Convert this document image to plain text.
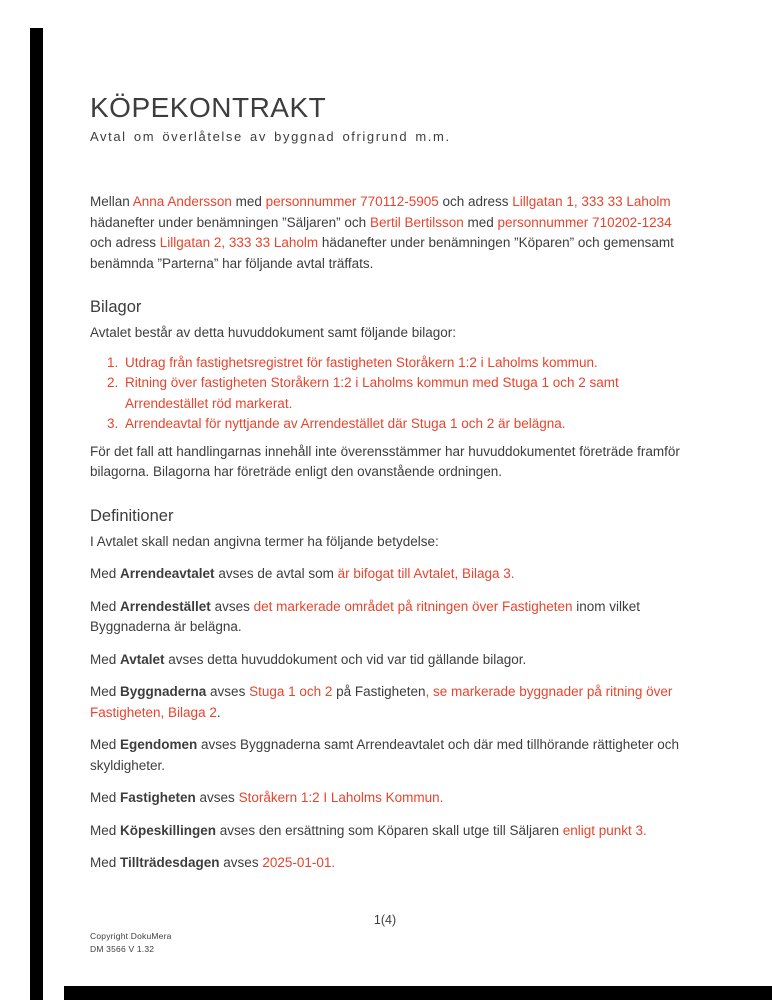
KÖPEKONTRAKT
Avtal om överlåtelse av byggnad ofrigrund m.m.

Mellan Anna Andersson med personnummer 770112-5905 och adress Lillgatan 1, 333 33 Laholm hädanefter under benämningen ”Säljaren” och Bertil Bertilsson med personnummer 710202-1234 och adress Lillgatan 2, 333 33 Laholm hädanefter under benämningen ”Köparen” och gemensamt benämnda ”Parterna” har följande avtal träffats.

Bilagor

Avtalet består av detta huvuddokument samt följande bilagor:

1. Utdrag från fastighetsregistret för fastigheten Storåkern 1:2 i Laholms kommun.
2. Ritning över fastigheten Storåkern 1:2 i Laholms kommun med Stuga 1 och 2 samt Arrendestället röd markerat.
3. Arrendeavtal för nyttjande av Arrendestället där Stuga 1 och 2 är belägna.

För det fall att handlingarnas innehåll inte överensstämmer har huvuddokumentet företräde framför bilagorna. Bilagorna har företräde enligt den ovanstående ordningen.

Definitioner

I Avtalet skall nedan angivna termer ha följande betydelse:

Med Arrendeavtalet avses de avtal som är bifogat till Avtalet, Bilaga 3.

Med Arrendestället avses det markerade området på ritningen över Fastigheten inom vilket Byggnaderna är belägna.

Med Avtalet avses detta huvuddokument och vid var tid gällande bilagor.

Med Byggnaderna avses Stuga 1 och 2 på Fastigheten, se markerade byggnader på ritning över Fastigheten, Bilaga 2.

Med Egendomen avses Byggnaderna samt Arrendeavtalet och där med tillhörande rättigheter och skyldigheter.

Med Fastigheten avses Storåkern 1:2 I Laholms Kommun.

Med Köpeskillingen avses den ersättning som Köparen skall utge till Säljaren enligt punkt 3.

Med Tillträdesdagen avses 2025-01-01.

1(4)
Copyright DokuMera
DM 3566 V 1.32
